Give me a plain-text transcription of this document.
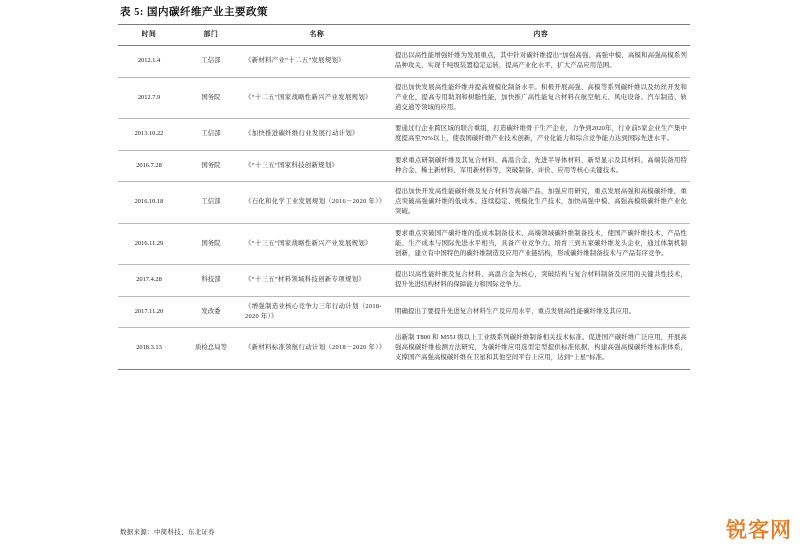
表 5: 国内碳纤维产业主要政策
时间	部门	名称	内容
2012.1.4	工信部	《新材料产业“十二五”发展规划》	提出以高性能增强纤维为发展重点，其中针对碳纤维提出“加强高强、高强中模、高模和高强高模系列品种攻关，实现千吨级装置稳定运转，提高产业化水平，扩大产品应用范围。
2012.7.9	国务院	《“十二五”国家战略性新兴产业发展规划》	提出加快发展高性能纤维并提高规模化制备水平。积极开展高强、高模等系列碳纤维以及纺丝开发和产业化，提高专用助剂和树脂性能，加快推广高性能复合材料在航空航天、风电设备、汽车制造、轨道交通等领域的应用。
2013.10.22	工信部	《加快推进碳纤维行业发展行动计划》	要通过行企业跨区域的联合重组，打造碳纤维骨干生产企业，力争到2020年，行业前5家企业生产集中度提高至70%以上，使我国碳纤维产业技术创新，产业化能力和综合竞争能力达到国际先进水平。
2016.7.28	国务院	《“十三五”国家科技创新规划》	要求重点研制碳纤维及其复合材料、高温合金、先进半导体材料、新型显示及其材料、高端装备用特种合金、稀土新材料、军用新材料等，突破制备、评价、应用等核心关键技术。
2016.10.18	工信部	《石化和化学工业发展规划（2016－2020 年）》	提出加快开发高性能碳纤维及复合材料等高端产品，加强应用研究，重点发展高强和高模碳纤维，重点突破高强碳纤维的低成本、连续稳定、规模化生产技术，加快高强中模、高强高模级碳纤维产业化突破。
2016.11.29	国务院	《“十三五”国家战略性新兴产业发展规划》	要求重点突破国产碳纤维的低成本制备技术、高端领域碳纤维制备技术，使国产碳纤维技术、产品性能、生产成本与国际先进水平相当，具备产业竞争力。培育三到五家碳纤维龙头企业，通过体制机制创新，建立有中国特色的碳纤维制造及应用产业链结构，形成碳纤维制备技术与产品有序竞争。
2017.4.28	科技部	《“十三五”材料领域科技创新专项规划》	提出以高性能纤维及复合材料、高温合金为核心，突破结构与复合材料制备及应用的关键共性技术，提升先进结构材料的保障能力和国际竞争力。
2017.11.20	发改委	《增强制造业核心竞争力三年行动计划（2018-2020 年）》	明确提出了要提升先进复合材料生产及应用水平，重点发展高性能碳纤维及其应用。
2018.3.13	质检总局等	《新材料标准领航行动计划（2018－2020 年）》	出新制 T800 和 M55J 级以上工业级系列碳纤维制备相关技术标准。促进国产碳纤维广泛应用，开展高强高模碳纤维检测方法研究，为碳纤维应用选型定型提供标准依据，构建高强高模碳纤维标准体系，支撑国产高强高模碳纤维在卫星和其他空间平台上应用，达到“上星”标准。
数据来源：中简科技、东北证券	锐客网
